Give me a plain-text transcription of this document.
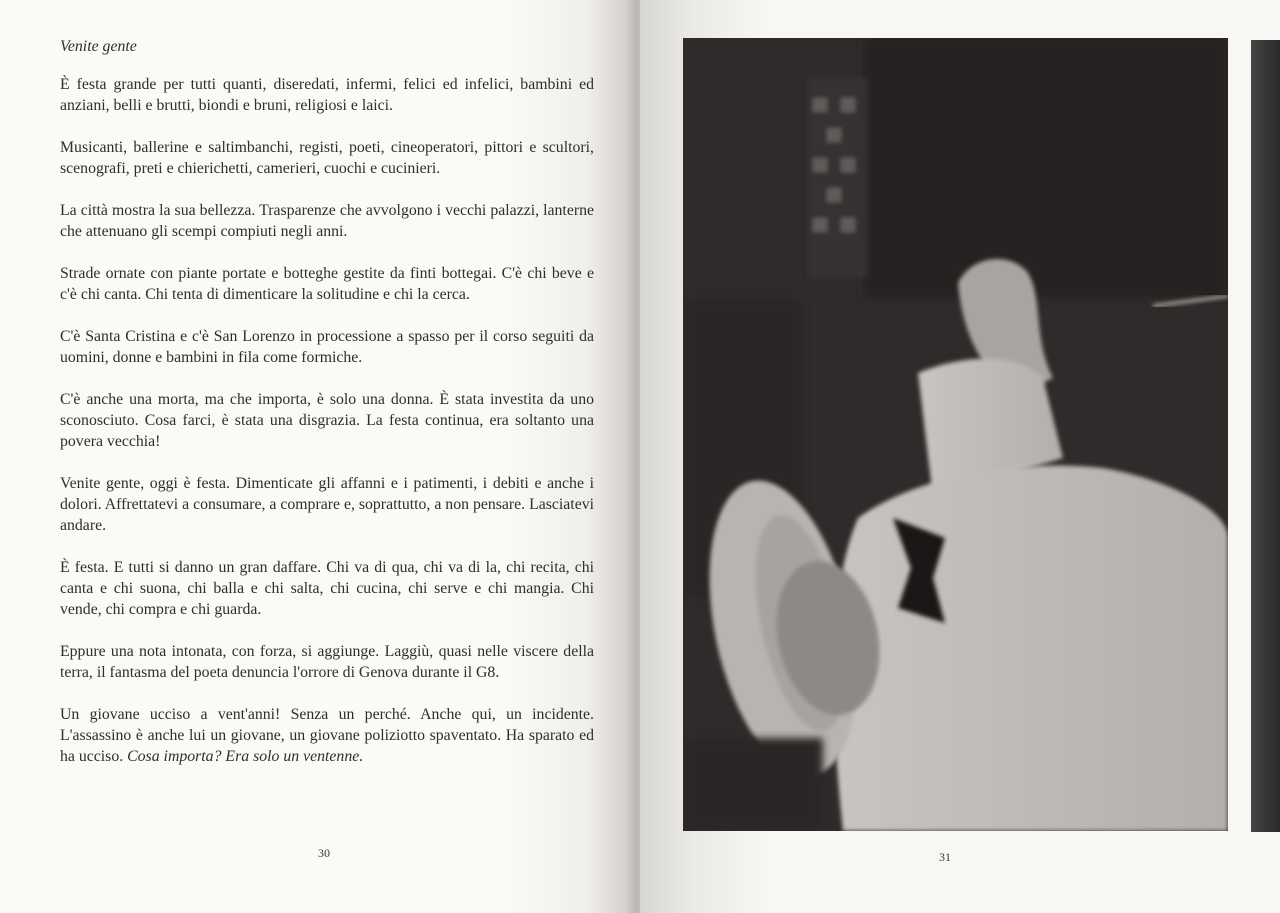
Venite gente

È festa grande per tutti quanti, diseredati, infermi, felici ed infelici, bambini ed anziani, belli e brutti, biondi e bruni, religiosi e laici.

Musicanti, ballerine e saltimbanchi, registi, poeti, cineoperatori, pittori e scultori, scenografi, preti e chierichetti, camerieri, cuochi e cucinieri.

La città mostra la sua bellezza. Trasparenze che avvolgono i vecchi palazzi, lanterne che attenuano gli scempi compiuti negli anni.

Strade ornate con piante portate e botteghe gestite da finti bottegai. C'è chi beve e c'è chi canta. Chi tenta di dimenticare la solitudine e chi la cerca.

C'è Santa Cristina e c'è San Lorenzo in processione a spasso per il corso seguiti da uomini, donne e bambini in fila come formiche.

C'è anche una morta, ma che importa, è solo una donna. È stata investita da uno sconosciuto. Cosa farci, è stata una disgrazia. La festa continua, era soltanto una povera vecchia!

Venite gente, oggi è festa. Dimenticate gli affanni e i patimenti, i debiti e anche i dolori. Affrettatevi a consumare, a comprare e, soprattutto, a non pensare. Lasciatevi andare.

È festa. E tutti si danno un gran daffare. Chi va di qua, chi va di la, chi recita, chi canta e chi suona, chi balla e chi salta, chi cucina, chi serve e chi mangia. Chi vende, chi compra e chi guarda.

Eppure una nota intonata, con forza, si aggiunge. Laggiù, quasi nelle viscere della terra, il fantasma del poeta denuncia l'orrore di Genova durante il G8.

Un giovane ucciso a vent'anni! Senza un perché. Anche qui, un incidente. L'assassino è anche lui un giovane, un giovane poliziotto spaventato. Ha sparato ed ha ucciso. Cosa importa? Era solo un ventenne.

30	31
